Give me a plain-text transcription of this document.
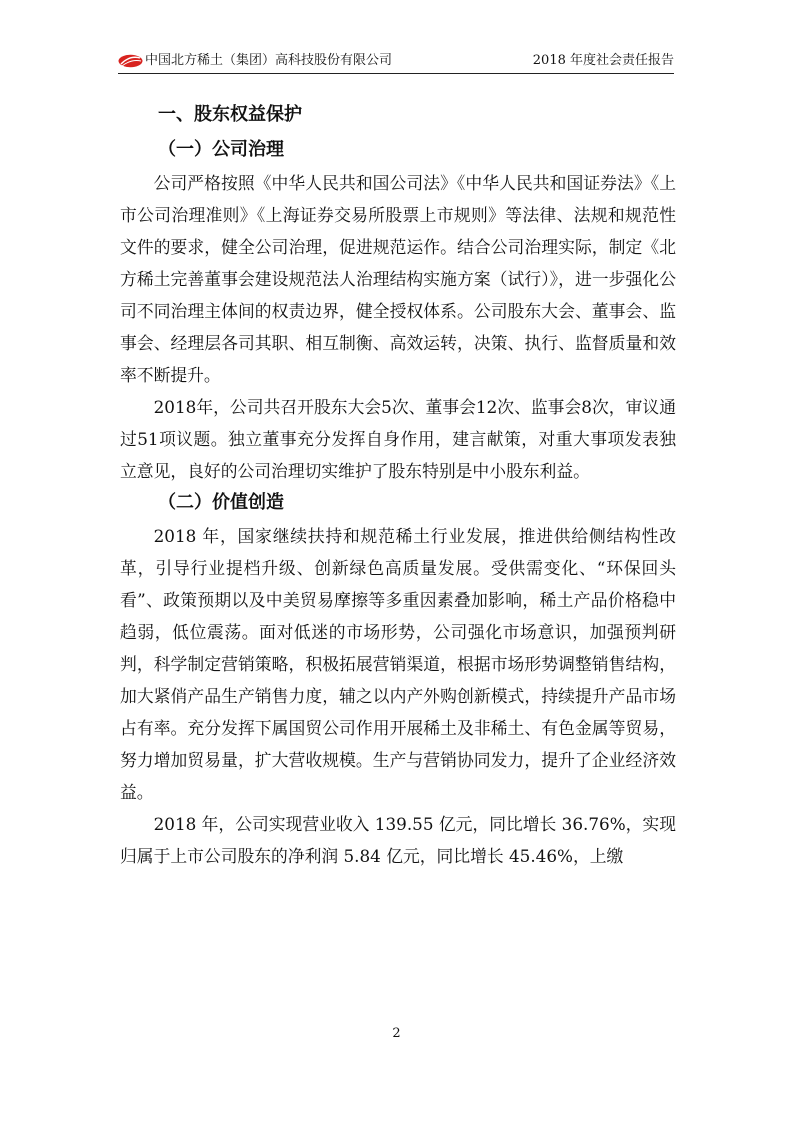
中国北方稀土（集团）高科技股份有限公司	2018 年度社会责任报告
一、股东权益保护
（一）公司治理

公司严格按照《中华人民共和国公司法》《中华人民共和国证券法》《上市公司治理准则》《上海证券交易所股票上市规则》等法律、法规和规范性文件的要求，健全公司治理，促进规范运作。结合公司治理实际，制定《北方稀土完善董事会建设规范法人治理结构实施方案（试行）》，进一步强化公司不同治理主体间的权责边界，健全授权体系。公司股东大会、董事会、监事会、经理层各司其职、相互制衡、高效运转，决策、执行、监督质量和效率不断提升。

2018年，公司共召开股东大会5次、董事会12次、监事会8次，审议通过51项议题。独立董事充分发挥自身作用，建言献策，对重大事项发表独立意见，良好的公司治理切实维护了股东特别是中小股东利益。

（二）价值创造

2018 年，国家继续扶持和规范稀土行业发展，推进供给侧结构性改革，引导行业提档升级、创新绿色高质量发展。受供需变化、“环保回头看”、政策预期以及中美贸易摩擦等多重因素叠加影响，稀土产品价格稳中趋弱，低位震荡。面对低迷的市场形势，公司强化市场意识，加强预判研判，科学制定营销策略，积极拓展营销渠道，根据市场形势调整销售结构，加大紧俏产品生产销售力度，辅之以内产外购创新模式，持续提升产品市场占有率。充分发挥下属国贸公司作用开展稀土及非稀土、有色金属等贸易，努力增加贸易量，扩大营收规模。生产与营销协同发力，提升了企业经济效益。

2018 年，公司实现营业收入 139.55 亿元，同比增长 36.76%，实现归属于上市公司股东的净利润 5.84 亿元，同比增长 45.46%，上缴

2
